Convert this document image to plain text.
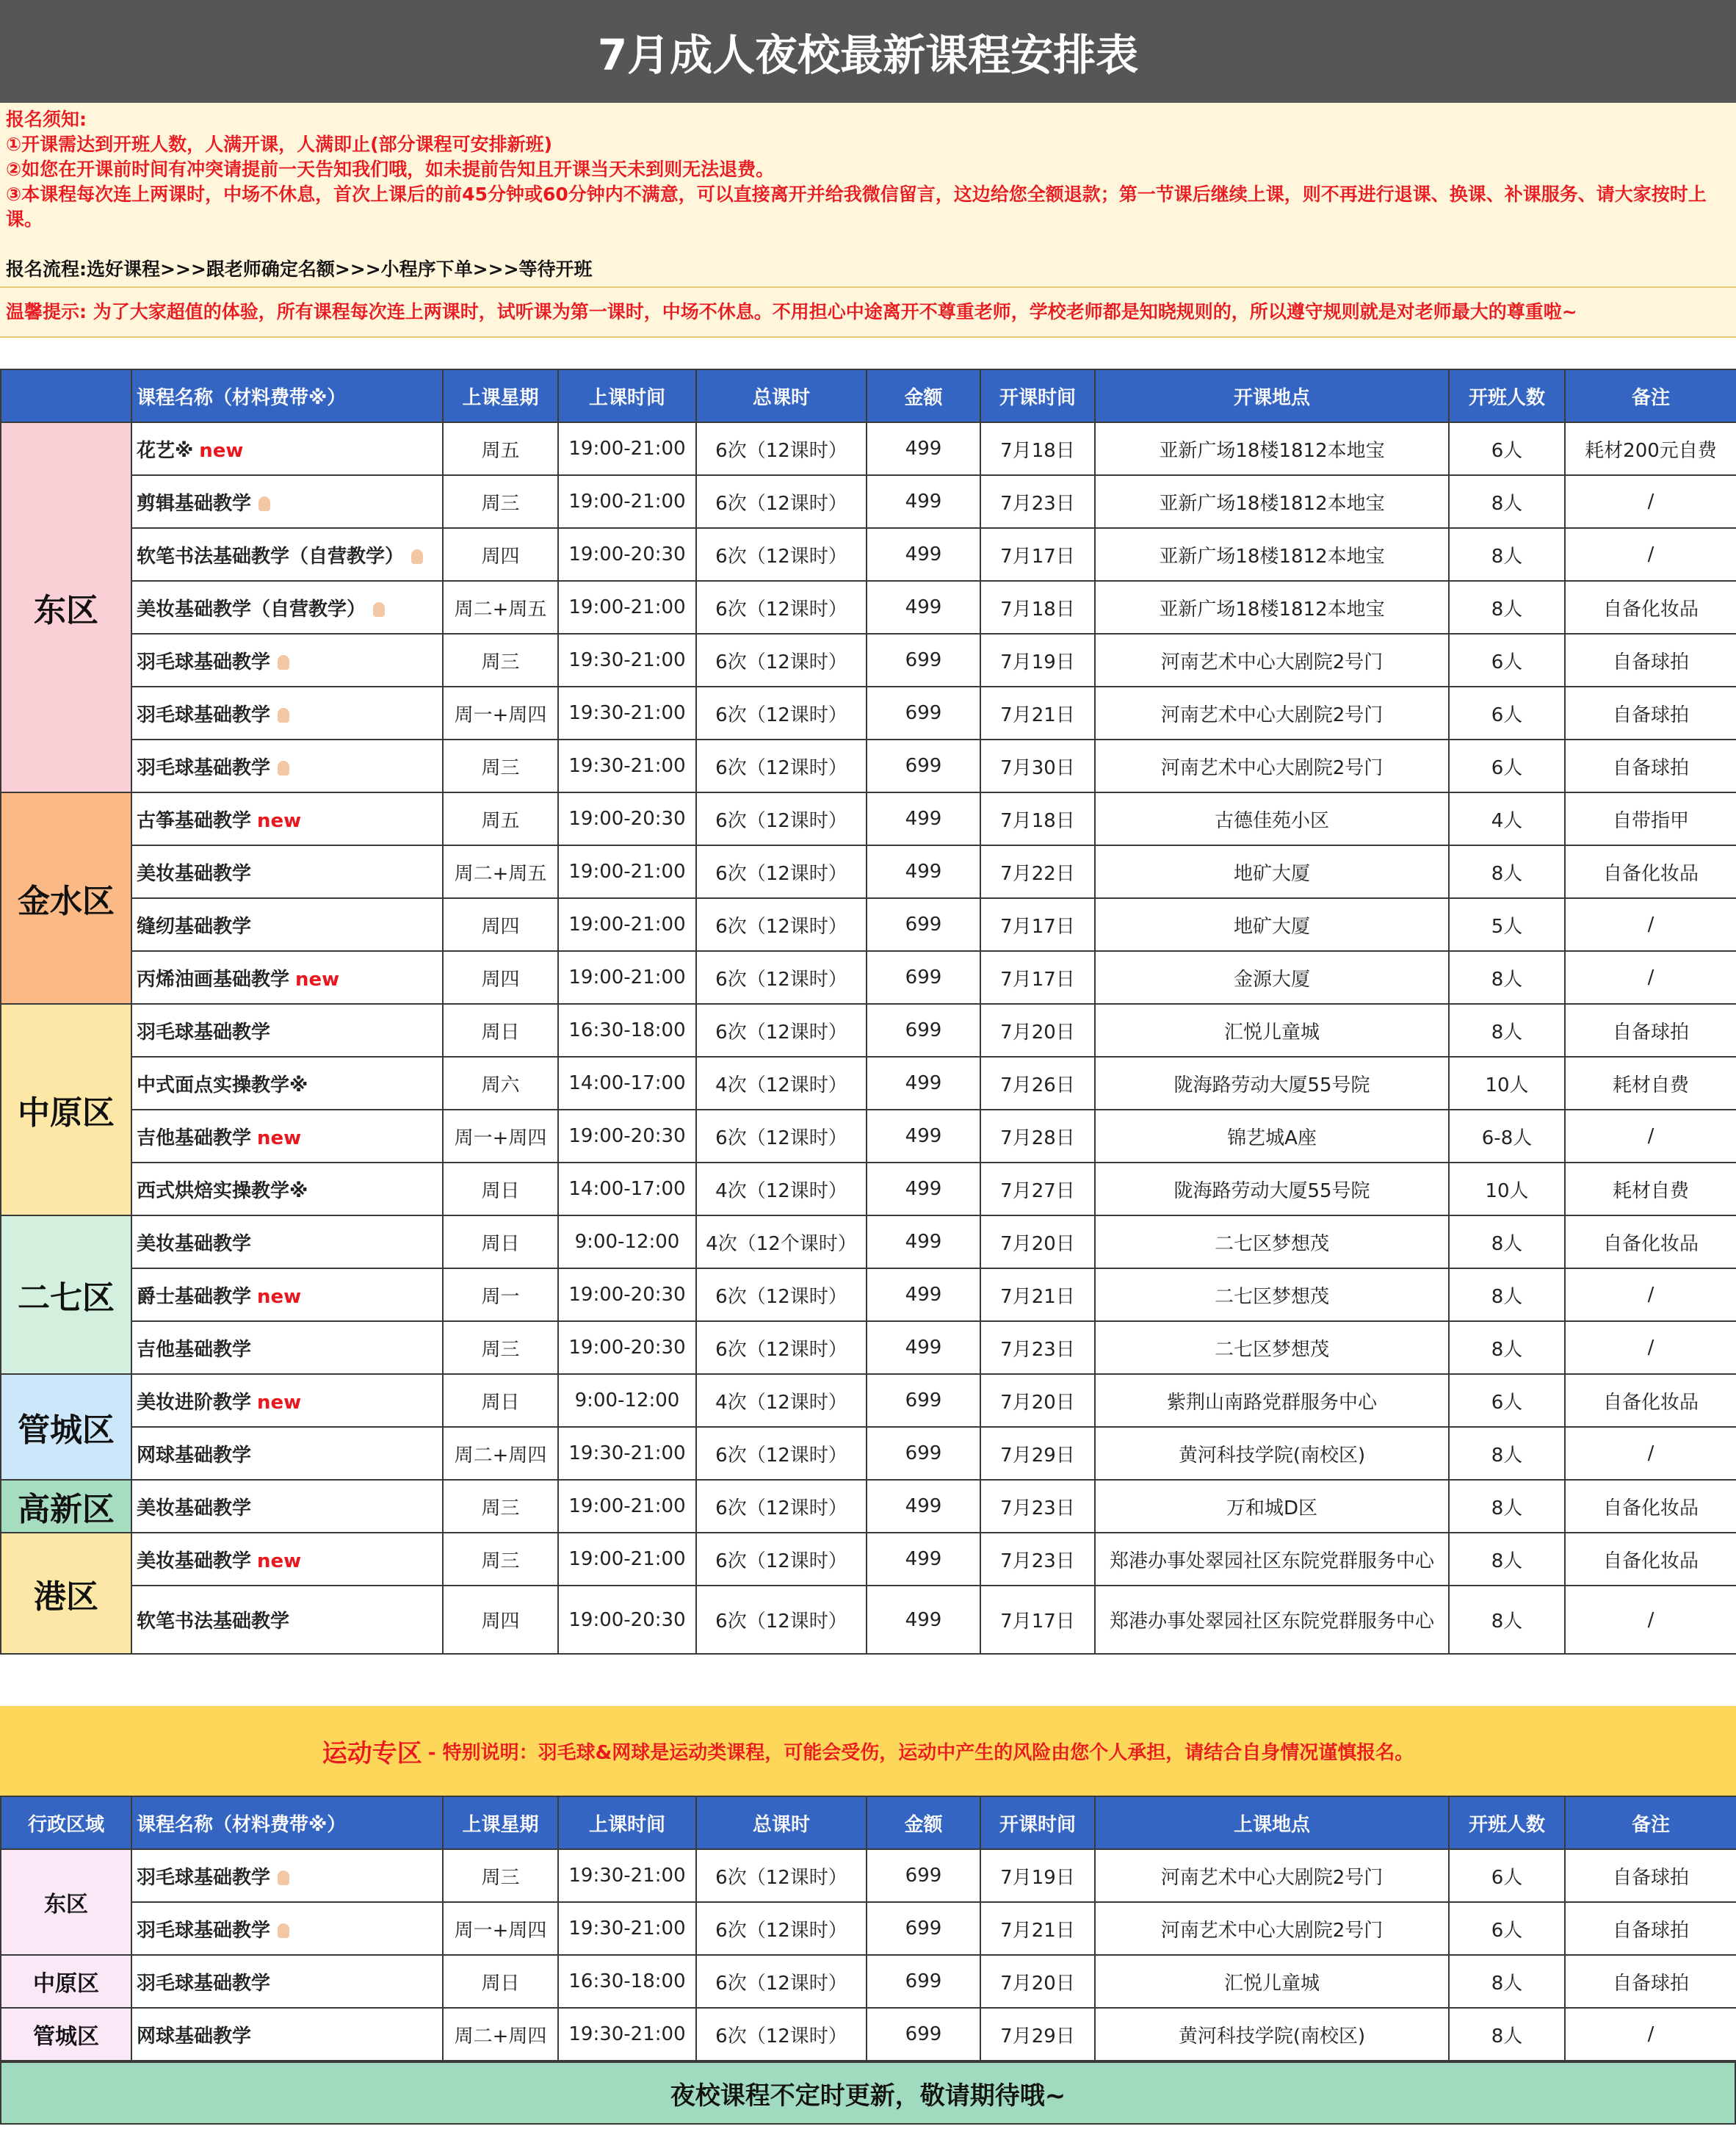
7月成人夜校最新课程安排表
报名须知:
①开课需达到开班人数，人满开课，人满即止(部分课程可安排新班)
②如您在开课前时间有冲突请提前一天告知我们哦，如未提前告知且开课当天未到则无法退费。
③本课程每次连上两课时，中场不休息，首次上课后的前45分钟或60分钟内不满意，可以直接离开并给我微信留言，这边给您全额退款；第一节课后继续上课，则不再进行退课、换课、补课服务、请大家按时上课。
报名流程:选好课程>>>跟老师确定名额>>>小程序下单>>>等待开班
温馨提示: 为了大家超值的体验，所有课程每次连上两课时，试听课为第一课时，中场不休息。不用担心中途离开不尊重老师，学校老师都是知晓规则的，所以遵守规则就是对老师最大的尊重啦~
	课程名称（材料费带※）	上课星期	上课时间	总课时	金额	开课时间	开课地点	开班人数	备注
东区	花艺※ new	周五	19:00-21:00	6次（12课时）	499	7月18日	亚新广场18楼1812本地宝	6人	耗材200元自费
	剪辑基础教学	周三	19:00-21:00	6次（12课时）	499	7月23日	亚新广场18楼1812本地宝	8人	/
	软笔书法基础教学（自营教学）	周四	19:00-20:30	6次（12课时）	499	7月17日	亚新广场18楼1812本地宝	8人	/
	美妆基础教学（自营教学）	周二+周五	19:00-21:00	6次（12课时）	499	7月18日	亚新广场18楼1812本地宝	8人	自备化妆品
	羽毛球基础教学	周三	19:30-21:00	6次（12课时）	699	7月19日	河南艺术中心大剧院2号门	6人	自备球拍
	羽毛球基础教学	周一+周四	19:30-21:00	6次（12课时）	699	7月21日	河南艺术中心大剧院2号门	6人	自备球拍
	羽毛球基础教学	周三	19:30-21:00	6次（12课时）	699	7月30日	河南艺术中心大剧院2号门	6人	自备球拍
金水区	古筝基础教学 new	周五	19:00-20:30	6次（12课时）	499	7月18日	古德佳苑小区	4人	自带指甲
	美妆基础教学	周二+周五	19:00-21:00	6次（12课时）	499	7月22日	地矿大厦	8人	自备化妆品
	缝纫基础教学	周四	19:00-21:00	6次（12课时）	699	7月17日	地矿大厦	5人	/
	丙烯油画基础教学 new	周四	19:00-21:00	6次（12课时）	699	7月17日	金源大厦	8人	/
中原区	羽毛球基础教学	周日	16:30-18:00	6次（12课时）	699	7月20日	汇悦儿童城	8人	自备球拍
	中式面点实操教学※	周六	14:00-17:00	4次（12课时）	499	7月26日	陇海路劳动大厦55号院	10人	耗材自费
	吉他基础教学 new	周一+周四	19:00-20:30	6次（12课时）	499	7月28日	锦艺城A座	6-8人	/
	西式烘焙实操教学※	周日	14:00-17:00	4次（12课时）	499	7月27日	陇海路劳动大厦55号院	10人	耗材自费
二七区	美妆基础教学	周日	9:00-12:00	4次（12个课时）	499	7月20日	二七区梦想茂	8人	自备化妆品
	爵士基础教学 new	周一	19:00-20:30	6次（12课时）	499	7月21日	二七区梦想茂	8人	/
	吉他基础教学	周三	19:00-20:30	6次（12课时）	499	7月23日	二七区梦想茂	8人	/
管城区	美妆进阶教学 new	周日	9:00-12:00	4次（12课时）	699	7月20日	紫荆山南路党群服务中心	6人	自备化妆品
	网球基础教学	周二+周四	19:30-21:00	6次（12课时）	699	7月29日	黄河科技学院(南校区)	8人	/
高新区	美妆基础教学	周三	19:00-21:00	6次（12课时）	499	7月23日	万和城D区	8人	自备化妆品
港区	美妆基础教学 new	周三	19:00-21:00	6次（12课时）	499	7月23日	郑港办事处翠园社区东院党群服务中心	8人	自备化妆品
	软笔书法基础教学	周四	19:00-20:30	6次（12课时）	499	7月17日	郑港办事处翠园社区东院党群服务中心	8人	/
运动专区 - 特别说明：羽毛球&网球是运动类课程，可能会受伤，运动中产生的风险由您个人承担，请结合自身情况谨慎报名。
行政区域	课程名称（材料费带※）	上课星期	上课时间	总课时	金额	开课时间	上课地点	开班人数	备注
东区	羽毛球基础教学	周三	19:30-21:00	6次（12课时）	699	7月19日	河南艺术中心大剧院2号门	6人	自备球拍
	羽毛球基础教学	周一+周四	19:30-21:00	6次（12课时）	699	7月21日	河南艺术中心大剧院2号门	6人	自备球拍
中原区	羽毛球基础教学	周日	16:30-18:00	6次（12课时）	699	7月20日	汇悦儿童城	8人	自备球拍
管城区	网球基础教学	周二+周四	19:30-21:00	6次（12课时）	699	7月29日	黄河科技学院(南校区)	8人	/
夜校课程不定时更新，敬请期待哦~
